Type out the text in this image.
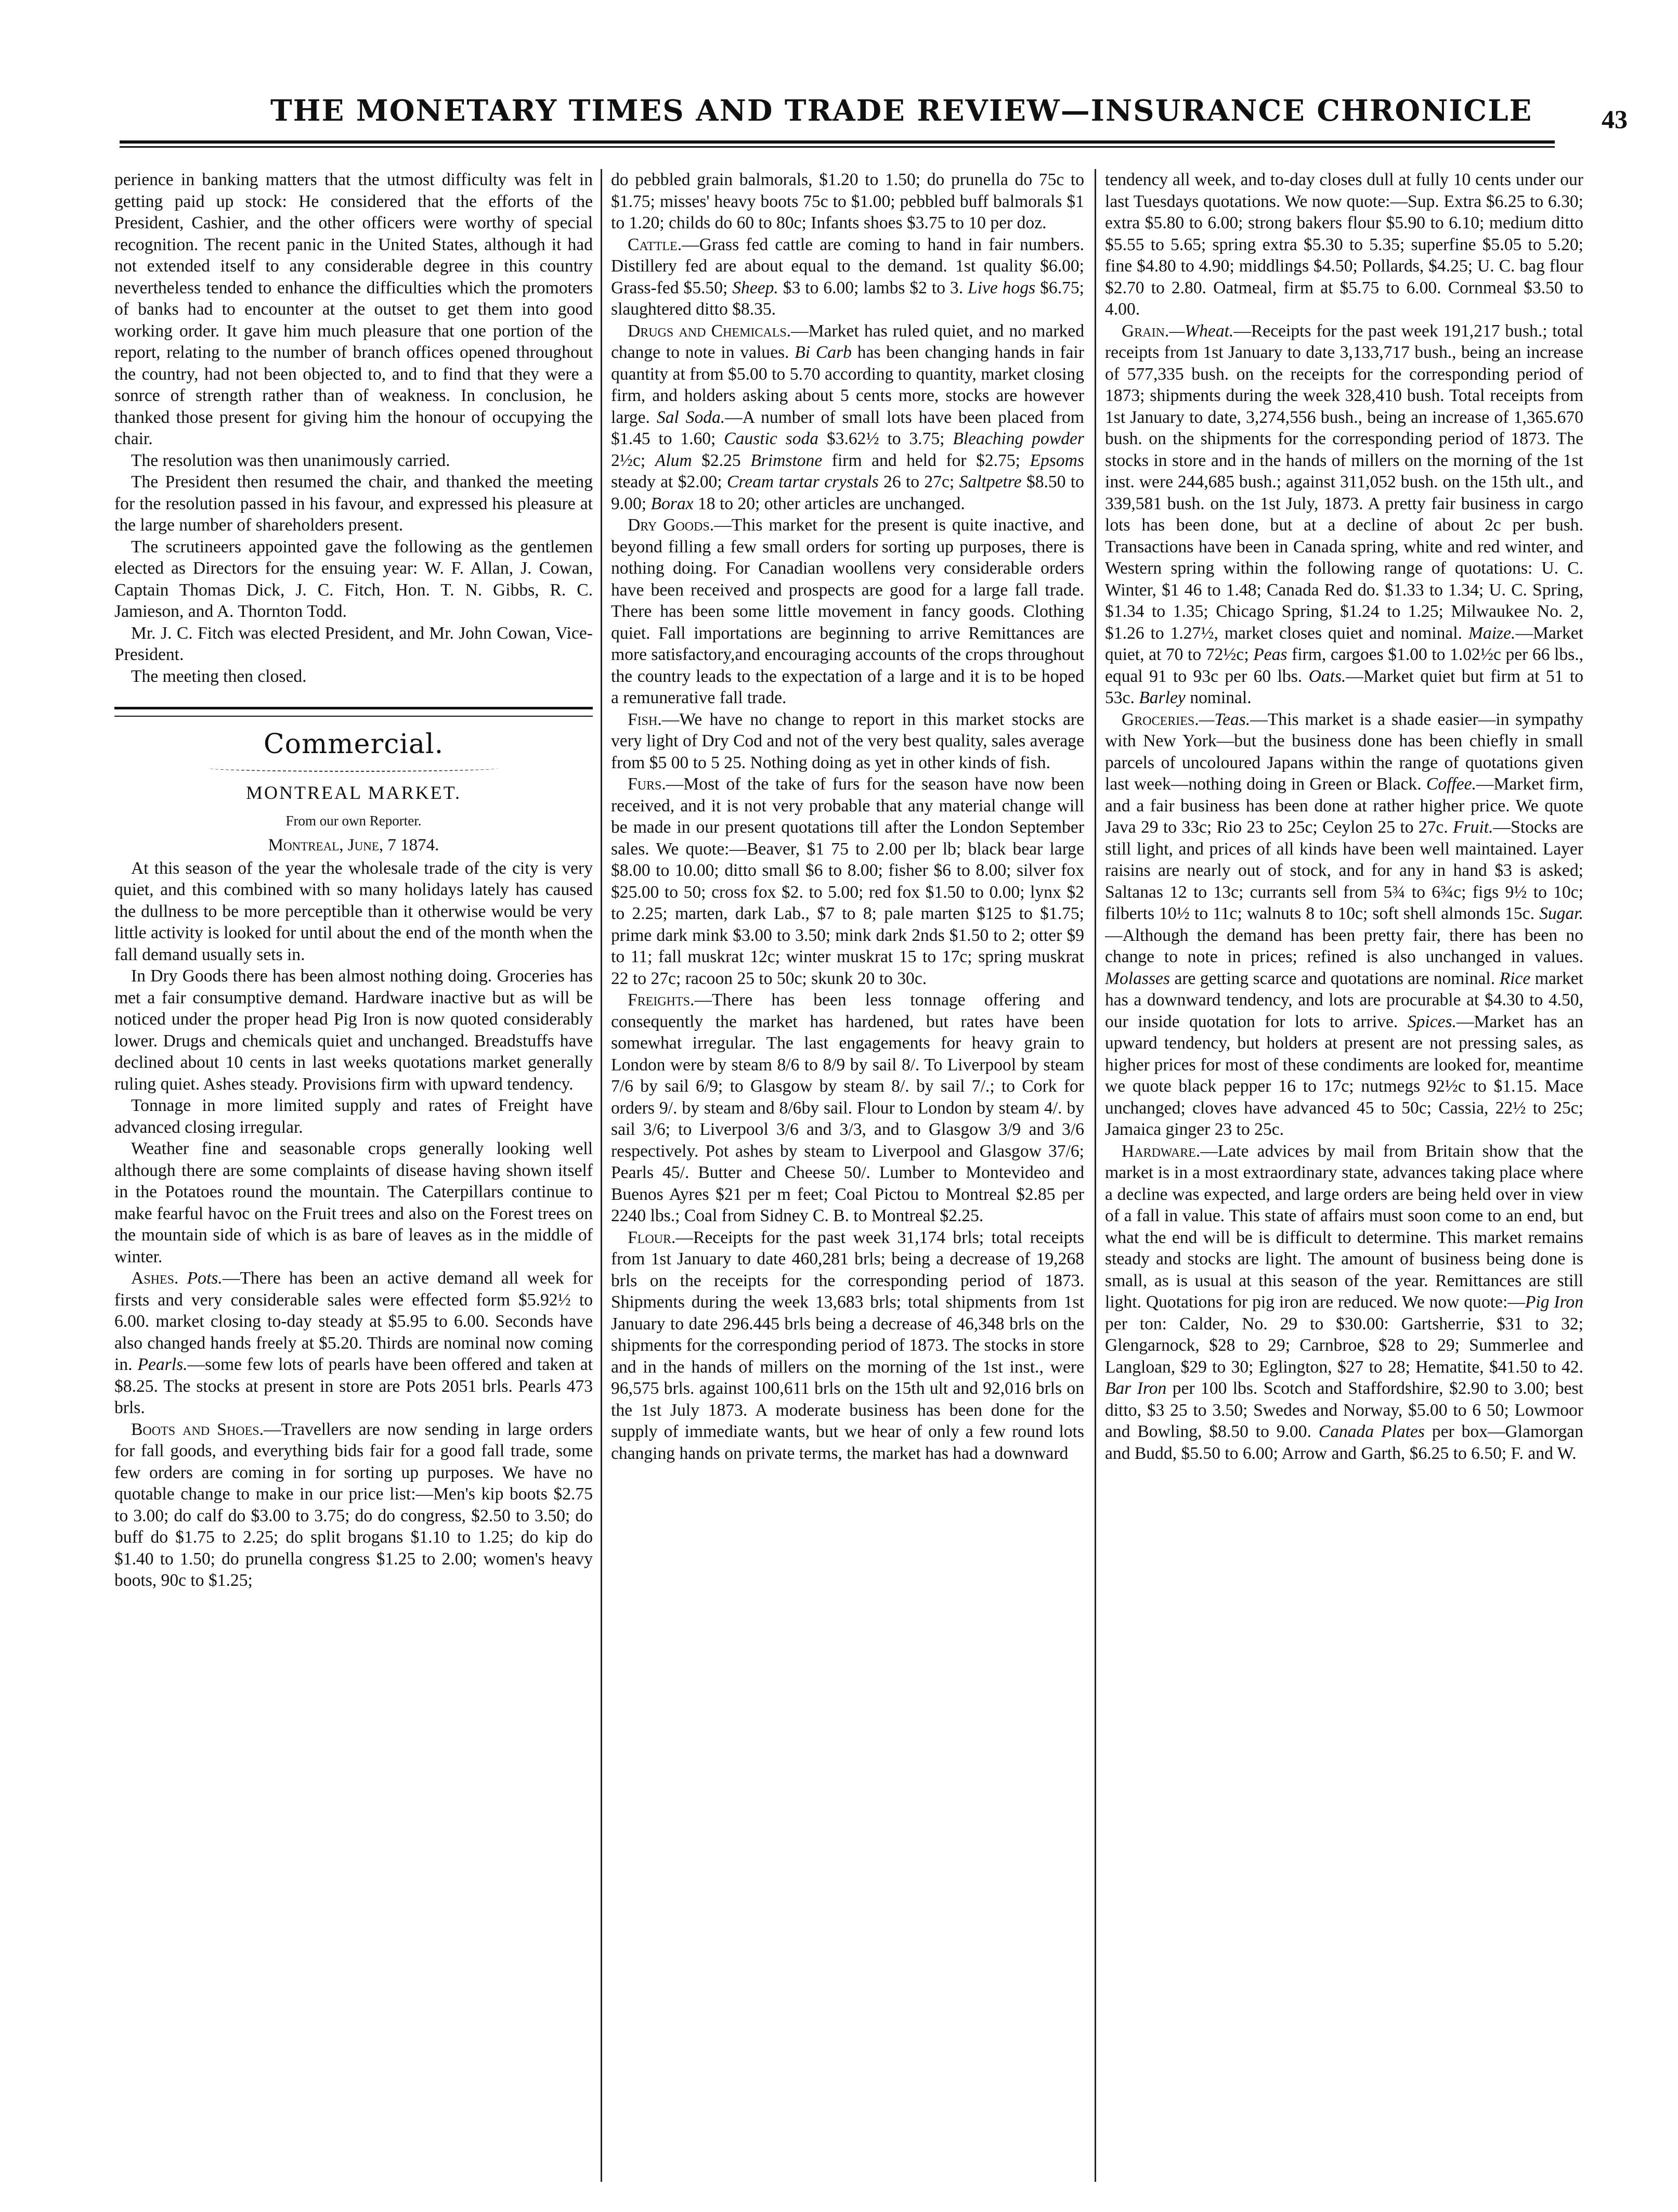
THE MONETARY TIMES AND TRADE REVIEW—INSURANCE CHRONICLE	43

perience in banking matters that the utmost difficulty was felt in getting paid up stock: He considered that the efforts of the President, Cashier, and the other officers were worthy of special recognition. The recent panic in the United States, although it had not extended itself to any considerable degree in this country nevertheless tended to enhance the difficulties which the promoters of banks had to encounter at the outset to get them into good working order. It gave him much pleasure that one portion of the report, relating to the number of branch offices opened throughout the country, had not been objected to, and to find that they were a sonrce of strength rather than of weakness. In conclusion, he thanked those present for giving him the honour of occupying the chair.

The resolution was then unanimously carried.

The President then resumed the chair, and thanked the meeting for the resolution passed in his favour, and expressed his pleasure at the large number of shareholders present.

The scrutineers appointed gave the following as the gentlemen elected as Directors for the ensuing year: W. F. Allan, J. Cowan, Captain Thomas Dick, J. C. Fitch, Hon. T. N. Gibbs, R. C. Jamieson, and A. Thornton Todd.

Mr. J. C. Fitch was elected President, and Mr. John Cowan, Vice-President.

The meeting then closed.

Commercial.

MONTREAL MARKET.

From our own Reporter.

Montreal, June, 7 1874.

At this season of the year the wholesale trade of the city is very quiet, and this combined with so many holidays lately has caused the dullness to be more perceptible than it otherwise would be very little activity is looked for until about the end of the month when the fall demand usually sets in.

In Dry Goods there has been almost nothing doing. Groceries has met a fair consumptive demand. Hardware inactive but as will be noticed under the proper head Pig Iron is now quoted considerably lower. Drugs and chemicals quiet and unchanged. Breadstuffs have declined about 10 cents in last weeks quotations market generally ruling quiet. Ashes steady. Provisions firm with upward tendency.

Tonnage in more limited supply and rates of Freight have advanced closing irregular.

Weather fine and seasonable crops generally looking well although there are some complaints of disease having shown itself in the Potatoes round the mountain. The Caterpillars continue to make fearful havoc on the Fruit trees and also on the Forest trees on the mountain side of which is as bare of leaves as in the middle of winter.

Ashes. Pots.—There has been an active demand all week for firsts and very considerable sales were effected form $5.92½ to 6.00. market closing to-day steady at $5.95 to 6.00. Seconds have also changed hands freely at $5.20. Thirds are nominal now coming in. Pearls.—some few lots of pearls have been offered and taken at $8.25. The stocks at present in store are Pots 2051 brls. Pearls 473 brls.

Boots and Shoes.—Travellers are now sending in large orders for fall goods, and everything bids fair for a good fall trade, some few orders are coming in for sorting up purposes. We have no quotable change to make in our price list:—Men's kip boots $2.75 to 3.00; do calf do $3.00 to 3.75; do do congress, $2.50 to 3.50; do buff do $1.75 to 2.25; do split brogans $1.10 to 1.25; do kip do $1.40 to 1.50; do prunella congress $1.25 to 2.00; women's heavy boots, 90c to $1.25;

do pebbled grain balmorals, $1.20 to 1.50; do prunella do 75c to $1.75; misses' heavy boots 75c to $1.00; pebbled buff balmorals $1 to 1.20; childs do 60 to 80c; Infants shoes $3.75 to 10 per doz.

Cattle.—Grass fed cattle are coming to hand in fair numbers. Distillery fed are about equal to the demand. 1st quality $6.00; Grass-fed $5.50; Sheep. $3 to 6.00; lambs $2 to 3. Live hogs $6.75; slaughtered ditto $8.35.

Drugs and Chemicals.—Market has ruled quiet, and no marked change to note in values. Bi Carb has been changing hands in fair quantity at from $5.00 to 5.70 according to quantity, market closing firm, and holders asking about 5 cents more, stocks are however large. Sal Soda.—A number of small lots have been placed from $1.45 to 1.60; Caustic soda $3.62½ to 3.75; Bleaching powder 2½c; Alum $2.25 Brimstone firm and held for $2.75; Epsoms steady at $2.00; Cream tartar crystals 26 to 27c; Saltpetre $8.50 to 9.00; Borax 18 to 20; other articles are unchanged.

Dry Goods.—This market for the present is quite inactive, and beyond filling a few small orders for sorting up purposes, there is nothing doing. For Canadian woollens very considerable orders have been received and prospects are good for a large fall trade. There has been some little movement in fancy goods. Clothing quiet. Fall importations are beginning to arrive Remittances are more satisfactory,and encouraging accounts of the crops throughout the country leads to the expectation of a large and it is to be hoped a remunerative fall trade.

Fish.—We have no change to report in this market stocks are very light of Dry Cod and not of the very best quality, sales average from $5 00 to 5 25. Nothing doing as yet in other kinds of fish.

Furs.—Most of the take of furs for the season have now been received, and it is not very probable that any material change will be made in our present quotations till after the London September sales. We quote:—Beaver, $1 75 to 2.00 per lb; black bear large $8.00 to 10.00; ditto small $6 to 8.00; fisher $6 to 8.00; silver fox $25.00 to 50; cross fox $2. to 5.00; red fox $1.50 to 0.00; lynx $2 to 2.25; marten, dark Lab., $7 to 8; pale marten $125 to $1.75; prime dark mink $3.00 to 3.50; mink dark 2nds $1.50 to 2; otter $9 to 11; fall muskrat 12c; winter muskrat 15 to 17c; spring muskrat 22 to 27c; racoon 25 to 50c; skunk 20 to 30c.

Freights.—There has been less tonnage offering and consequently the market has hardened, but rates have been somewhat irregular. The last engagements for heavy grain to London were by steam 8/6 to 8/9 by sail 8/. To Liverpool by steam 7/6 by sail 6/9; to Glasgow by steam 8/. by sail 7/.; to Cork for orders 9/. by steam and 8/6by sail. Flour to London by steam 4/. by sail 3/6; to Liverpool 3/6 and 3/3, and to Glasgow 3/9 and 3/6 respectively. Pot ashes by steam to Liverpool and Glasgow 37/6; Pearls 45/. Butter and Cheese 50/. Lumber to Montevideo and Buenos Ayres $21 per m feet; Coal Pictou to Montreal $2.85 per 2240 lbs.; Coal from Sidney C. B. to Montreal $2.25.

Flour.—Receipts for the past week 31,174 brls; total receipts from 1st January to date 460,281 brls; being a decrease of 19,268 brls on the receipts for the corresponding period of 1873. Shipments during the week 13,683 brls; total shipments from 1st January to date 296.445 brls being a decrease of 46,348 brls on the shipments for the corresponding period of 1873. The stocks in store and in the hands of millers on the morning of the 1st inst., were 96,575 brls. against 100,611 brls on the 15th ult and 92,016 brls on the 1st July 1873. A moderate business has been done for the supply of immediate wants, but we hear of only a few round lots changing hands on private terms, the market has had a downward

tendency all week, and to-day closes dull at fully 10 cents under our last Tuesdays quotations. We now quote:—Sup. Extra $6.25 to 6.30; extra $5.80 to 6.00; strong bakers flour $5.90 to 6.10; medium ditto $5.55 to 5.65; spring extra $5.30 to 5.35; superfine $5.05 to 5.20; fine $4.80 to 4.90; middlings $4.50; Pollards, $4.25; U. C. bag flour $2.70 to 2.80. Oatmeal, firm at $5.75 to 6.00. Cornmeal $3.50 to 4.00.

Grain.—Wheat.—Receipts for the past week 191,217 bush.; total receipts from 1st January to date 3,133,717 bush., being an increase of 577,335 bush. on the receipts for the corresponding period of 1873; shipments during the week 328,410 bush. Total receipts from 1st January to date, 3,274,556 bush., being an increase of 1,365.670 bush. on the shipments for the corresponding period of 1873. The stocks in store and in the hands of millers on the morning of the 1st inst. were 244,685 bush.; against 311,052 bush. on the 15th ult., and 339,581 bush. on the 1st July, 1873. A pretty fair business in cargo lots has been done, but at a decline of about 2c per bush. Transactions have been in Canada spring, white and red winter, and Western spring within the following range of quotations: U. C. Winter, $1 46 to 1.48; Canada Red do. $1.33 to 1.34; U. C. Spring, $1.34 to 1.35; Chicago Spring, $1.24 to 1.25; Milwaukee No. 2, $1.26 to 1.27½, market closes quiet and nominal. Maize.—Market quiet, at 70 to 72½c; Peas firm, cargoes $1.00 to 1.02½c per 66 lbs., equal 91 to 93c per 60 lbs. Oats.—Market quiet but firm at 51 to 53c. Barley nominal.

Groceries.—Teas.—This market is a shade easier—in sympathy with New York—but the business done has been chiefly in small parcels of uncoloured Japans within the range of quotations given last week—nothing doing in Green or Black. Coffee.—Market firm, and a fair business has been done at rather higher price. We quote Java 29 to 33c; Rio 23 to 25c; Ceylon 25 to 27c. Fruit.—Stocks are still light, and prices of all kinds have been well maintained. Layer raisins are nearly out of stock, and for any in hand $3 is asked; Saltanas 12 to 13c; currants sell from 5¾ to 6¾c; figs 9½ to 10c; filberts 10½ to 11c; walnuts 8 to 10c; soft shell almonds 15c. Sugar.—Although the demand has been pretty fair, there has been no change to note in prices; refined is also unchanged in values. Molasses are getting scarce and quotations are nominal. Rice market has a downward tendency, and lots are procurable at $4.30 to 4.50, our inside quotation for lots to arrive. Spices.—Market has an upward tendency, but holders at present are not pressing sales, as higher prices for most of these condiments are looked for, meantime we quote black pepper 16 to 17c; nutmegs 92½c to $1.15. Mace unchanged; cloves have advanced 45 to 50c; Cassia, 22½ to 25c; Jamaica ginger 23 to 25c.

Hardware.—Late advices by mail from Britain show that the market is in a most extraordinary state, advances taking place where a decline was expected, and large orders are being held over in view of a fall in value. This state of affairs must soon come to an end, but what the end will be is difficult to determine. This market remains steady and stocks are light. The amount of business being done is small, as is usual at this season of the year. Remittances are still light. Quotations for pig iron are reduced. We now quote:—Pig Iron per ton: Calder, No. 29 to $30.00: Gartsherrie, $31 to 32; Glengarnock, $28 to 29; Carnbroe, $28 to 29; Summerlee and Langloan, $29 to 30; Eglington, $27 to 28; Hematite, $41.50 to 42. Bar Iron per 100 lbs. Scotch and Staffordshire, $2.90 to 3.00; best ditto, $3 25 to 3.50; Swedes and Norway, $5.00 to 6 50; Lowmoor and Bowling, $8.50 to 9.00. Canada Plates per box—Glamorgan and Budd, $5.50 to 6.00; Arrow and Garth, $6.25 to 6.50; F. and W.
